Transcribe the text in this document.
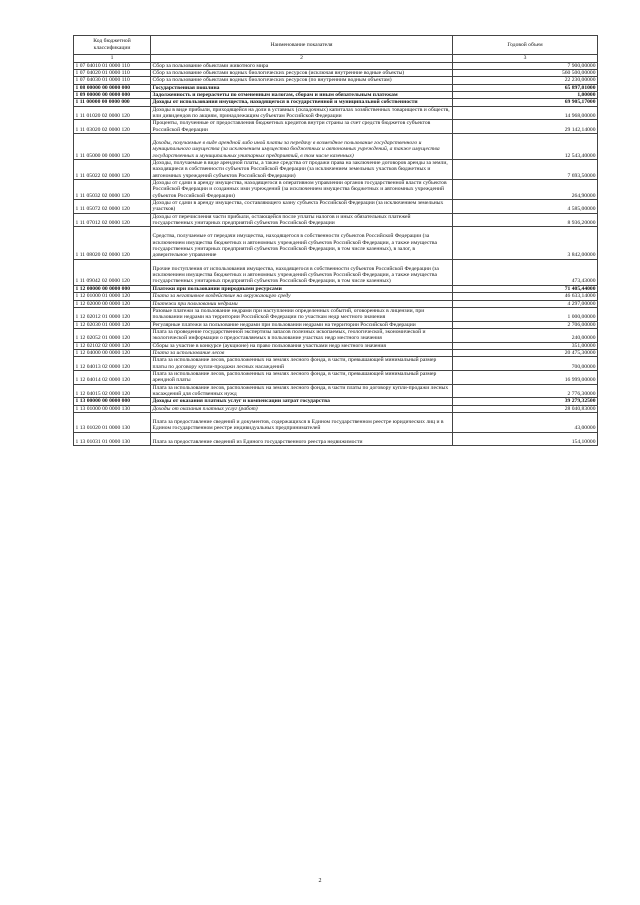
Код бюджетной классификации	Наименование показателя	Годовой объем
1	2	3
1 07 04010 01 0000 110	Сбор за пользование объектами животного мира	7 900,00000
1 07 04020 01 0000 110	Сбор за пользование объектами водных биологических ресурсов (исключая внутренние водные объекты)	560 500,00000
1 07 04030 01 0000 110	Сбор за пользование объектами водных биологических ресурсов (по внутренним водным объектам)	22 230,00000
1 08 00000 00 0000 000	Государственная пошлина	65 897,01000
1 09 00000 00 0000 000	Задолженность и перерасчеты по отмененным налогам, сборам и иным обязательным платежам	1,00000
1 11 00000 00 0000 000	Доходы от использования имущества, находящегося в государственной и муниципальной собственности	69 905,17000
1 11 01020 02 0000 120	Доходы в виде прибыли, приходящейся на доли в уставных (складочных) капиталах хозяйственных товариществ и обществ, или дивидендов по акциям, принадлежащим субъектам Российской Федерации	14 968,00000
1 11 03020 02 0000 120	Проценты, полученные от предоставления бюджетных кредитов внутри страны за счет средств бюджетов субъектов Российской Федерации	29 142,14000
1 11 05000 00 0000 120	Доходы, получаемые в виде арендной либо иной платы за передачу в возмездное пользование государственного и муниципального имущества (за исключением имущества бюджетных и автономных учреждений, а также имущества государственных и муниципальных унитарных предприятий, в том числе казенных)	12 543,40000
1 11 05022 02 0000 120	Доходы, получаемые в виде арендной платы, а также средства от продажи права на заключение договоров аренды за земли, находящиеся в собственности субъектов Российской Федерации (за исключением земельных участков бюджетных и автономных учреждений субъектов Российской Федерации)	7 693,50000
1 11 05032 02 0000 120	Доходы от сдачи в аренду имущества, находящегося в оперативном управлении органов государственной власти субъектов Российской Федерации и созданных ими учреждений (за исключением имущества бюджетных и автономных учреждений субъектов Российской Федерации)	264,90000
1 11 05072 02 0000 120	Доходы от сдачи в аренду имущества, составляющего казну субъекта Российской Федерации (за исключением земельных участков)	4 585,00000
1 11 07012 02 0000 120	Доходы от перечисления части прибыли, остающейся после уплаты налогов и иных обязательных платежей государственных унитарных предприятий субъектов Российской Федерации	8 936,20000
1 11 08020 02 0000 120	Средства, получаемые от передачи имущества, находящегося в собственности субъектов Российской Федерации (за исключением имущества бюджетных и автономных учреждений субъектов Российской Федерации, а также имущества государственных унитарных предприятий субъектов Российской Федерации, в том числе казенных), в залог, в доверительное управление	3 842,00000
1 11 09042 02 0000 120	Прочие поступления от использования имущества, находящегося в собственности субъектов Российской Федерации (за исключением имущества бюджетных и автономных учреждений субъектов Российской Федерации, а также имущества государственных унитарных предприятий субъектов Российской Федерации, в том числе казенных)	473,43000
1 12 00000 00 0000 000	Платежи при пользовании природными ресурсами	71 405,44000
1 12 01000 01 0000 120	Плата за негативное воздействие на окружающую среду	46 633,14000
1 12 02000 00 0000 120	Платежи при пользовании недрами	4 297,00000
1 12 02012 01 0000 120	Разовые платежи за пользование недрами при наступлении определенных событий, оговоренных в лицензии, при пользовании недрами на территории Российской Федерации по участкам недр местного значения	1 000,00000
1 12 02030 01 0000 120	Регулярные платежи за пользование недрами при пользовании недрами на территории Российской Федерации	2 706,00000
1 12 02052 01 0000 120	Плата за проведение государственной экспертизы запасов полезных ископаемых, геологической, экономической и экологической информации о предоставляемых в пользование участках недр местного значения	240,00000
1 12 02102 02 0000 120	Сборы за участие в конкурсе (аукционе) на право пользования участками недр местного значения	351,00000
1 12 04000 00 0000 120	Плата за использование лесов	20 475,30000
1 12 04013 02 0000 120	Плата за использование лесов, расположенных на землях лесного фонда, в части, превышающей минимальный размер платы по договору купли-продажи лесных насаждений	700,00000
1 12 04014 02 0000 120	Плата за использование лесов, расположенных на землях лесного фонда, в части, превышающей минимальный размер арендной платы	16 999,00000
1 12 04015 02 0000 120	Плата за использование лесов, расположенных на землях лесного фонда, в части платы по договору купли-продажи лесных насаждений для собственных нужд	2 776,30000
1 13 00000 00 0000 000	Доходы от оказания платных услуг и компенсации затрат государства	39 279,32500
1 13 01000 00 0000 130	Доходы от оказания платных услуг (работ)	28 040,83000
1 13 01020 01 0000 130	Плата за предоставление сведений и документов, содержащихся в Едином государственном реестре юридических лиц и в Едином государственном реестре индивидуальных предпринимателей	43,00000
1 13 01031 01 0000 130	Плата за предоставление сведений из Единого государственного реестра недвижимости	154,10000
2
